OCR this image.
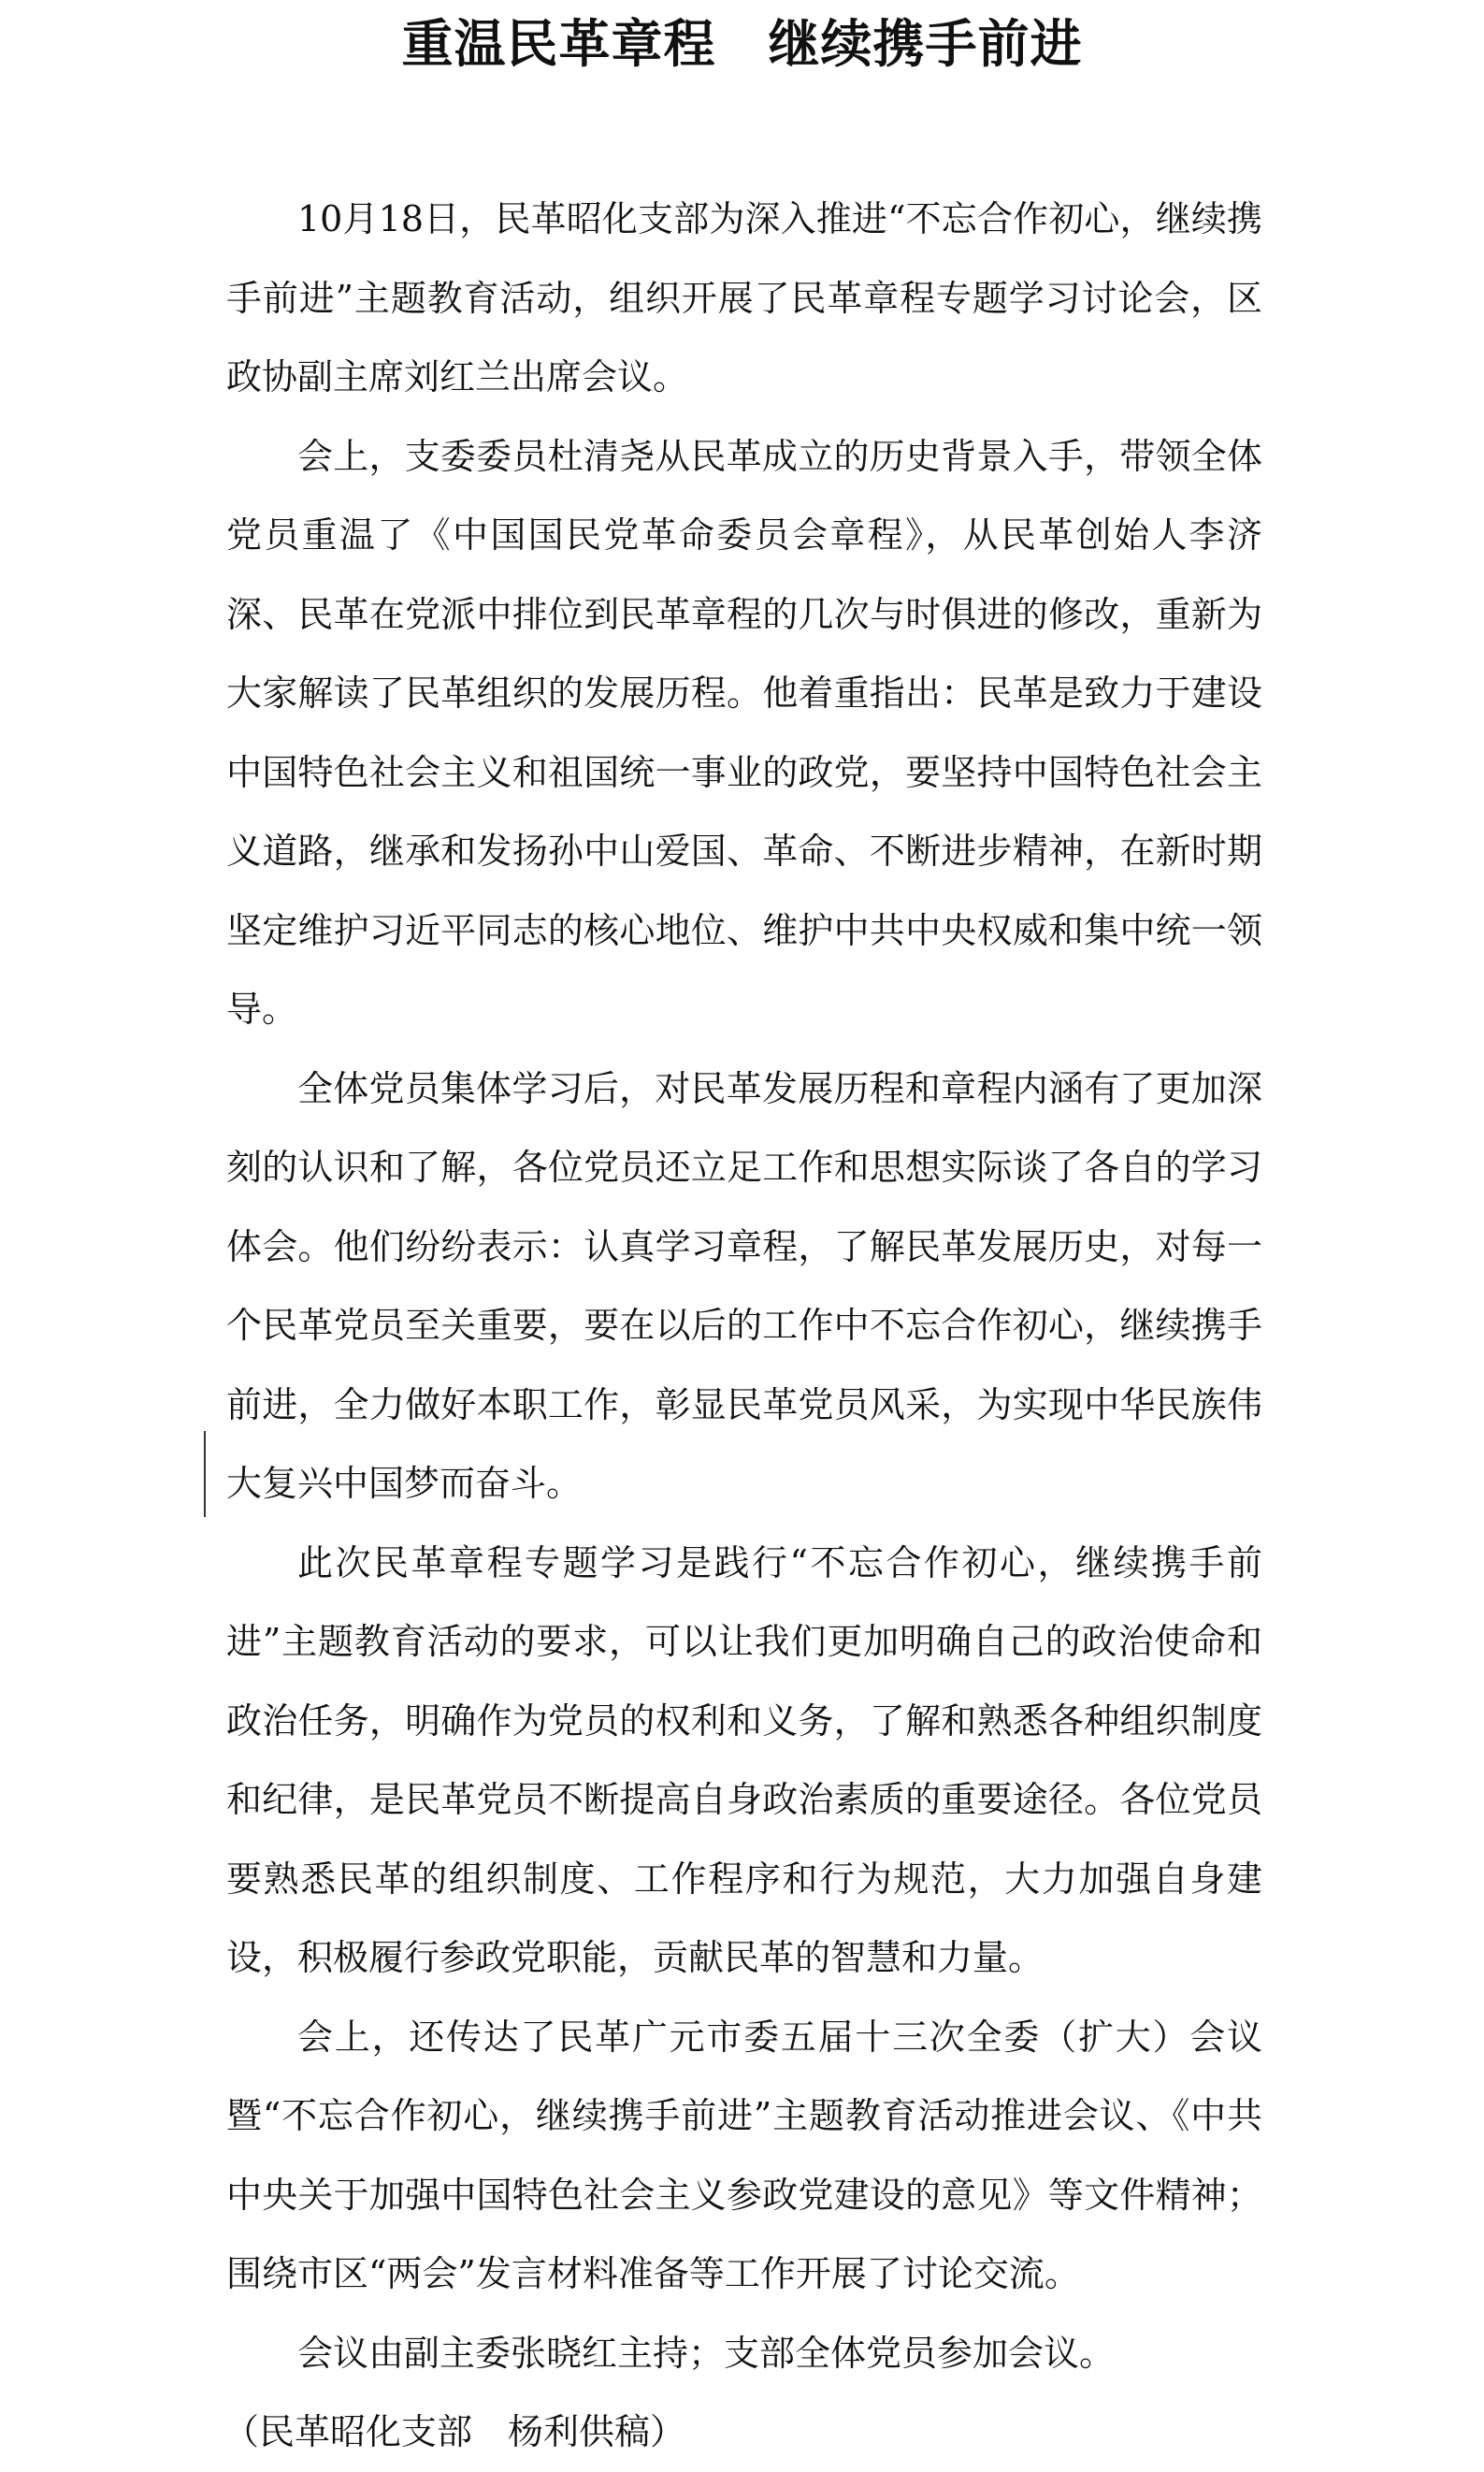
重温民革章程　继续携手前进

10月18日，民革昭化支部为深入推进“不忘合作初心，继续携手前进”主题教育活动，组织开展了民革章程专题学习讨论会，区政协副主席刘红兰出席会议。

会上，支委委员杜清尧从民革成立的历史背景入手，带领全体党员重温了《中国国民党革命委员会章程》，从民革创始人李济深、民革在党派中排位到民革章程的几次与时俱进的修改，重新为大家解读了民革组织的发展历程。他着重指出：民革是致力于建设中国特色社会主义和祖国统一事业的政党，要坚持中国特色社会主义道路，继承和发扬孙中山爱国、革命、不断进步精神，在新时期坚定维护习近平同志的核心地位、维护中共中央权威和集中统一领导。

全体党员集体学习后，对民革发展历程和章程内涵有了更加深刻的认识和了解，各位党员还立足工作和思想实际谈了各自的学习体会。他们纷纷表示：认真学习章程，了解民革发展历史，对每一个民革党员至关重要，要在以后的工作中不忘合作初心，继续携手前进，全力做好本职工作，彰显民革党员风采，为实现中华民族伟大复兴中国梦而奋斗。

此次民革章程专题学习是践行“不忘合作初心，继续携手前进”主题教育活动的要求，可以让我们更加明确自己的政治使命和政治任务，明确作为党员的权利和义务，了解和熟悉各种组织制度和纪律，是民革党员不断提高自身政治素质的重要途径。各位党员要熟悉民革的组织制度、工作程序和行为规范，大力加强自身建设，积极履行参政党职能，贡献民革的智慧和力量。

会上，还传达了民革广元市委五届十三次全委（扩大）会议暨“不忘合作初心，继续携手前进”主题教育活动推进会议、《中共中央关于加强中国特色社会主义参政党建设的意见》等文件精神；围绕市区“两会”发言材料准备等工作开展了讨论交流。

会议由副主委张晓红主持；支部全体党员参加会议。

（民革昭化支部　杨利供稿）
